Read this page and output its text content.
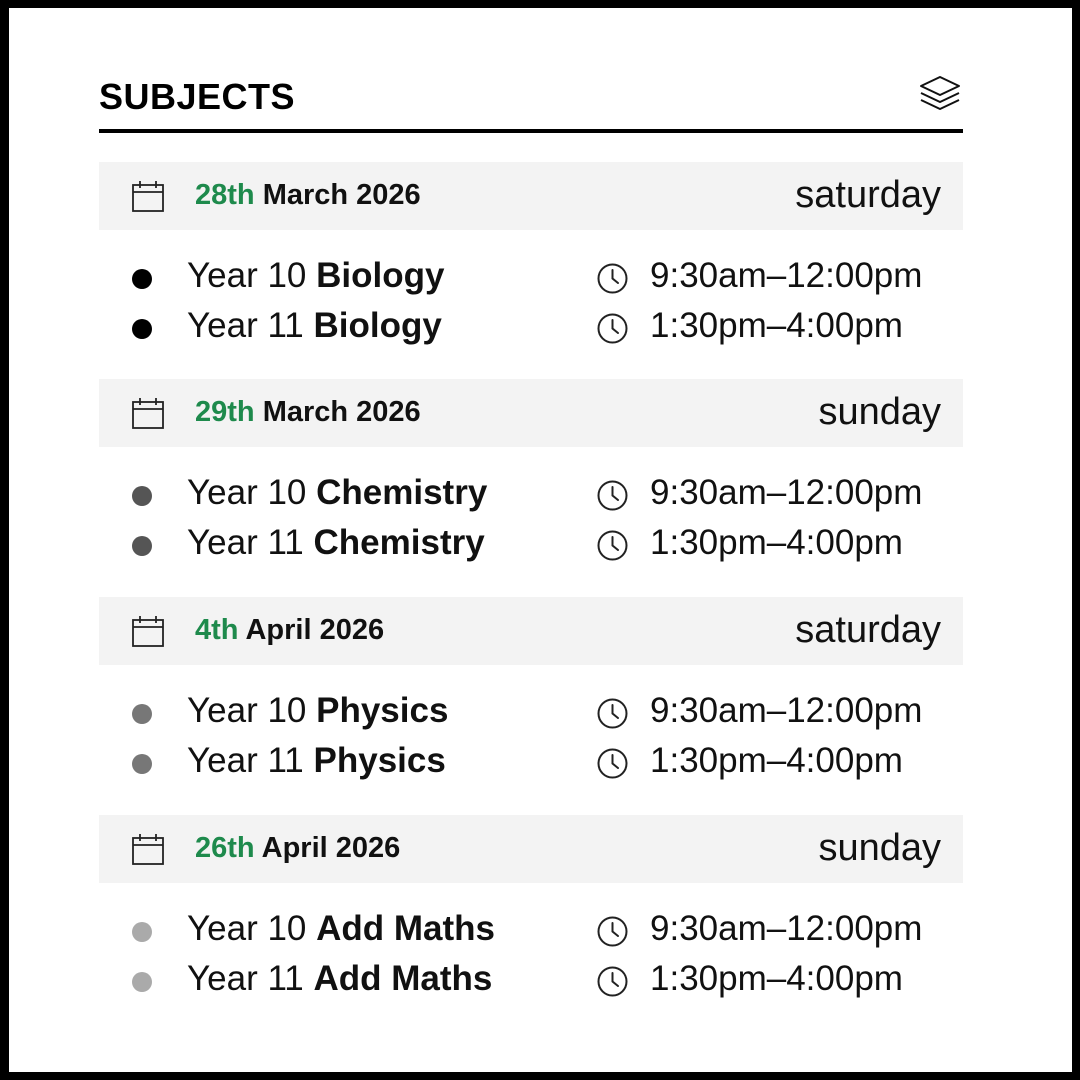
SUBJECTS
28th March 2026	saturday
Year 10 Biology	9:30am–12:00pm
Year 11 Biology	1:30pm–4:00pm
29th March 2026	sunday
Year 10 Chemistry	9:30am–12:00pm
Year 11 Chemistry	1:30pm–4:00pm
4th April 2026	saturday
Year 10 Physics	9:30am–12:00pm
Year 11 Physics	1:30pm–4:00pm
26th April 2026	sunday
Year 10 Add Maths	9:30am–12:00pm
Year 11 Add Maths	1:30pm–4:00pm
